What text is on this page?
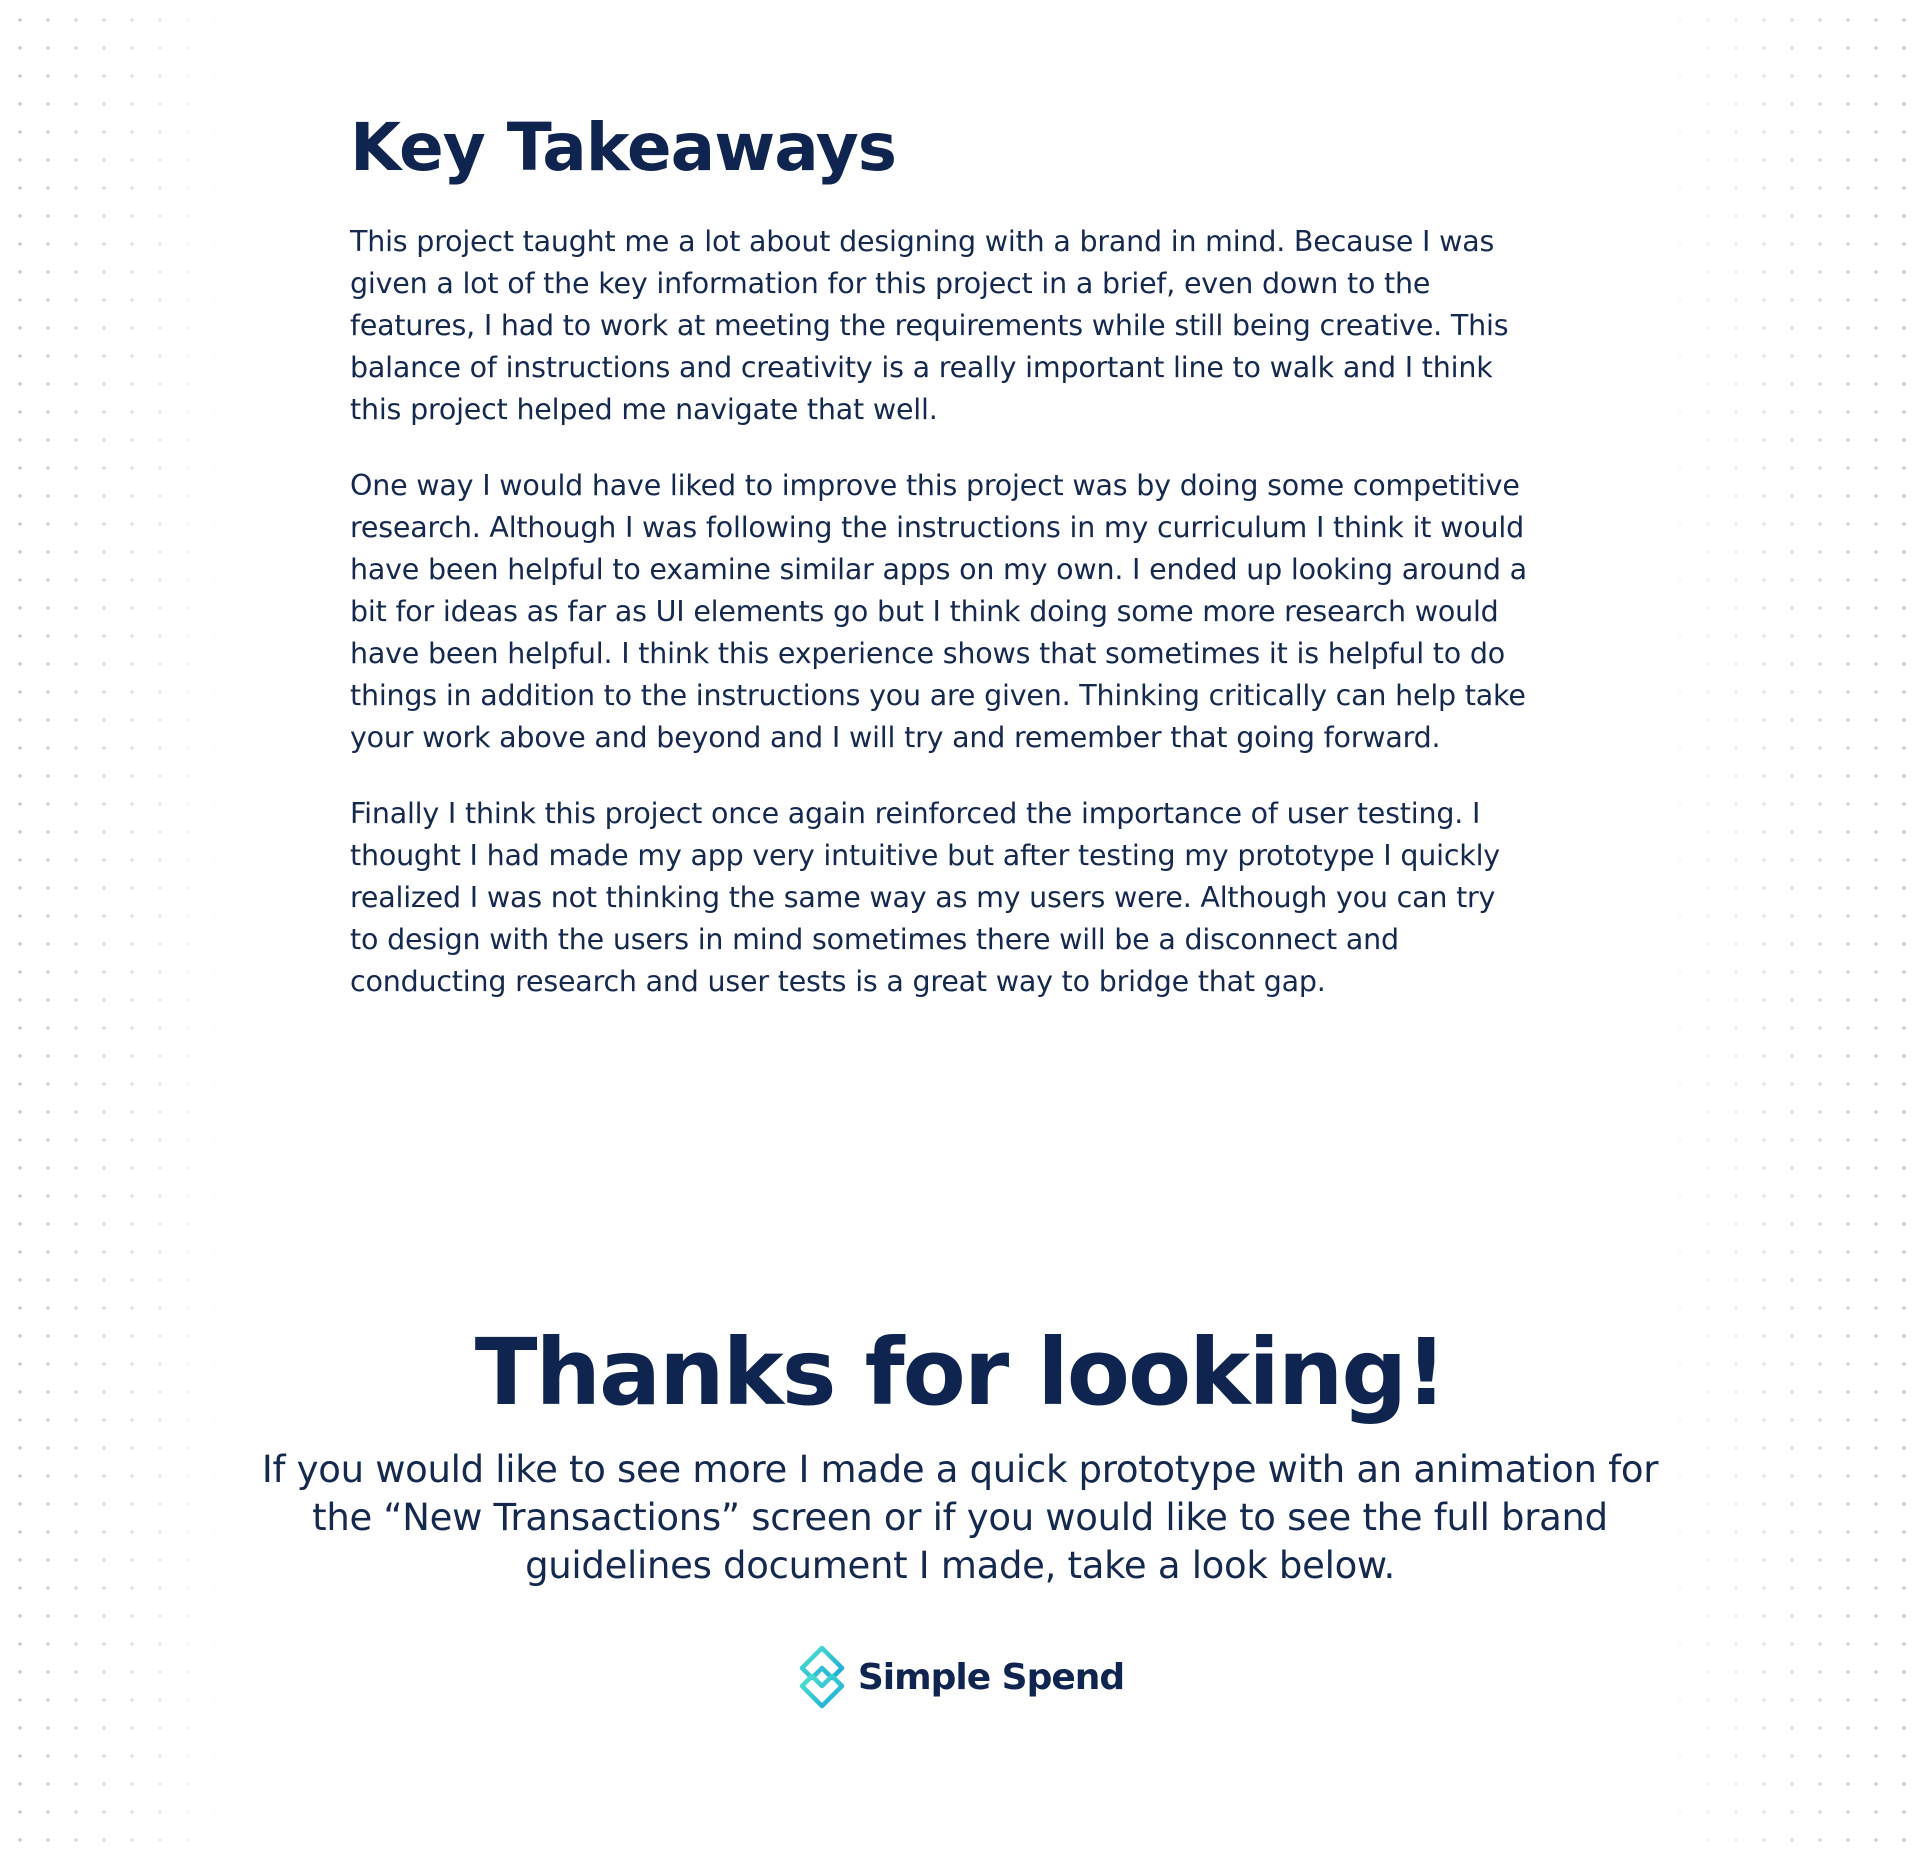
Key Takeaways

This project taught me a lot about designing with a brand in mind. Because I was given a lot of the key information for this project in a brief, even down to the features, I had to work at meeting the requirements while still being creative. This balance of instructions and creativity is a really important line to walk and I think this project helped me navigate that well.

One way I would have liked to improve this project was by doing some competitive research. Although I was following the instructions in my curriculum I think it would have been helpful to examine similar apps on my own. I ended up looking around a bit for ideas as far as UI elements go but I think doing some more research would have been helpful. I think this experience shows that sometimes it is helpful to do things in addition to the instructions you are given. Thinking critically can help take your work above and beyond and I will try and remember that going forward.

Finally I think this project once again reinforced the importance of user testing. I thought I had made my app very intuitive but after testing my prototype I quickly realized I was not thinking the same way as my users were. Although you can try to design with the users in mind sometimes there will be a disconnect and conducting research and user tests is a great way to bridge that gap.

Thanks for looking!

If you would like to see more I made a quick prototype with an animation for the “New Transactions” screen or if you would like to see the full brand guidelines document I made, take a look below.

Simple Spend
